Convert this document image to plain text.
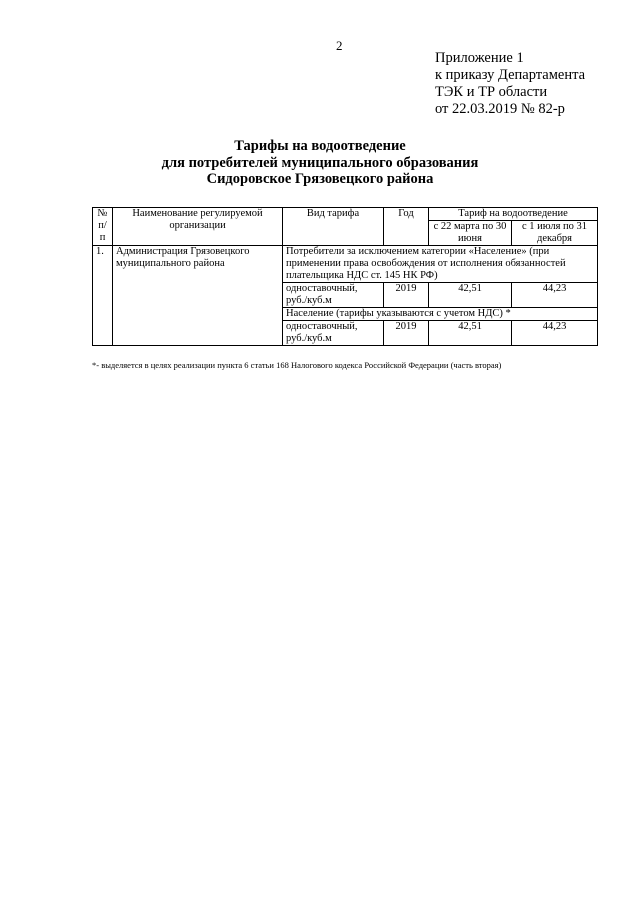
2
Приложение 1
к приказу Департамента
ТЭК и ТР области
от 22.03.2019 № 82-р
Тарифы на водоотведение
для потребителей муниципального образования
Сидоровское Грязовецкого района
№ п/п	Наименование регулируемой организации	Вид тарифа	Год	Тариф на водоотведение	
				с 22 марта по 30 июня	с 1 июля по 31 декабря
1.	Администрация Грязовецкого муниципального района	Потребители за исключением категории «Население» (при применении права освобождения от исполнения обязанностей плательщика НДС ст. 145 НК РФ)			
		одноставочный, руб./куб.м	2019	42,51	44,23
		Население (тарифы указываются с учетом НДС) *			
		одноставочный, руб./куб.м	2019	42,51	44,23
*- выделяется в целях реализации пункта 6 статьи 168 Налогового кодекса Российской Федерации (часть вторая)
